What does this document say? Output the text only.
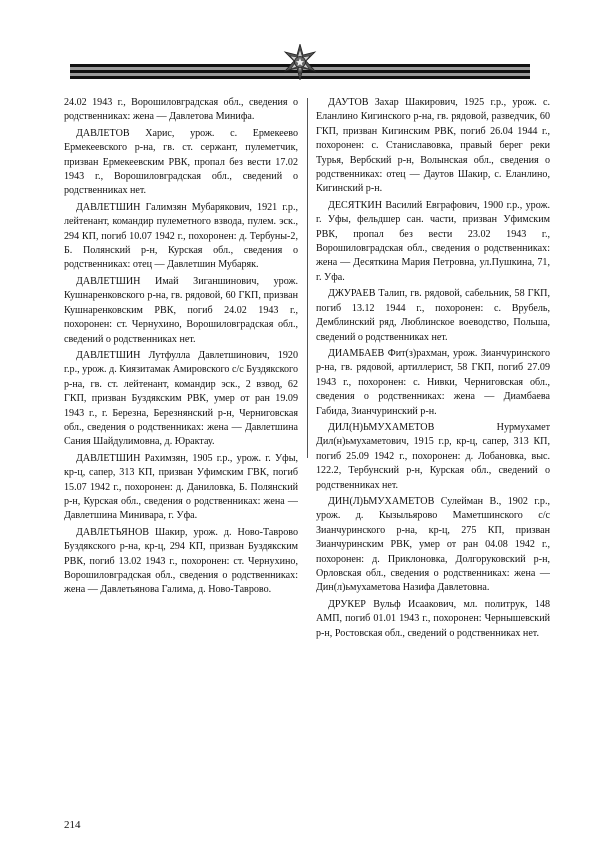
24.02 1943 г., Ворошиловградская обл., сведения о родственниках: жена — Давлетова Минифа.

ДАВЛЕТОВ Харис, урож. с. Ермекеево Ермекеевского р-на, гв. ст. сержант, пулеметчик, призван Ермекеевским РВК, пропал без вести 17.02 1943 г., Ворошиловградская обл., сведений о родственниках нет.

ДАВЛЕТШИН Галимзян Мубарякович, 1921 г.р., лейтенант, командир пулеметного взвода, пулем. эск., 294 КП, погиб 10.07 1942 г., похоронен: д. Тербуны-2, Б. Полянский р-н, Курская обл., сведения о родственниках: отец — Давлетшин Мубаряк.

ДАВЛЕТШИН Имай Зиганшинович, урож. Кушнаренковского р-на, гв. рядовой, 60 ГКП, призван Кушнаренковским РВК, погиб 24.02 1943 г., похоронен: ст. Чернухино, Ворошиловградская обл., сведений о родственниках нет.

ДАВЛЕТШИН Лутфулла Давлетшинович, 1920 г.р., урож. д. Киязитамак Амировского с/с Буздякского р-на, гв. ст. лейтенант, командир эск., 2 взвод, 62 ГКП, призван Буздякским РВК, умер от ран 19.09 1943 г., г. Березна, Березнянский р-н, Черниговская обл., сведения о родственниках: жена — Давлетшина Сания Шайдулимовна, д. Юрактау.

ДАВЛЕТШИН Рахимзян, 1905 г.р., урож. г. Уфы, кр-ц, сапер, 313 КП, призван Уфимским ГВК, погиб 15.07 1942 г., похоронен: д. Даниловка, Б. Полянский р-н, Курская обл., сведения о родственниках: жена — Давлетшина Минивара, г. Уфа.

ДАВЛЕТЬЯНОВ Шакир, урож. д. Ново-Таврово Буздякского р-на, кр-ц, 294 КП, призван Буздякским РВК, погиб 13.02 1943 г., похоронен: ст. Чернухино, Ворошиловградская обл., сведения о родственниках: жена — Давлетьянова Галима, д. Ново-Таврово.

ДАУТОВ Захар Шакирович, 1925 г.р., урож. с. Еланлино Кигинского р-на, гв. рядовой, разведчик, 60 ГКП, призван Кигинским РВК, погиб 26.04 1944 г., похоронен: с. Станиславовка, правый берег реки Турья, Вербский р-н, Волынская обл., сведения о родственниках: отец — Даутов Шакир, с. Еланлино, Кигинский р-н.

ДЕСЯТКИН Василий Евграфович, 1900 г.р., урож. г. Уфы, фельдшер сан. части, призван Уфимским РВК, пропал без вести 23.02 1943 г., Ворошиловградская обл., сведения о родственниках: жена — Десяткина Мария Петровна, ул.Пушкина, 71, г. Уфа.

ДЖУРАЕВ Талип, гв. рядовой, сабельник, 58 ГКП, погиб 13.12 1944 г., похоронен: с. Врубель, Демблинский ряд, Люблинское воеводство, Польша, сведений о родственниках нет.

ДИАМБАЕВ Фит(з)рахман, урож. Зианчуринского р-на, гв. рядовой, артиллерист, 58 ГКП, погиб 27.09 1943 г., похоронен: с. Нивки, Черниговская обл., сведения о родственниках: жена — Диамбаева Габида, Зианчуринский р-н.

ДИЛ(Н)ЬМУХАМЕТОВ Нурмухамет Дил(н)ьмухаметович, 1915 г.р, кр-ц, сапер, 313 КП, погиб 25.09 1942 г., похоронен: д. Лобановка, выс. 122.2, Тербунский р-н, Курская обл., сведений о родственниках нет.

ДИН(Л)ЬМУХАМЕТОВ Сулейман В., 1902 г.р., урож. д. Кызыльярово Маметшинского с/с Зианчуринского р-на, кр-ц, 275 КП, призван Зианчуринским РВК, умер от ран 04.08 1942 г., похоронен: д. Приклоновка, Долгоруковский р-н, Орловская обл., сведения о родственниках: жена — Дин(л)ьмухаметова Назифа Давлетовна.

ДРУКЕР Вульф Исаакович, мл. политрук, 148 АМП, погиб 01.01 1943 г., похоронен: Чернышевский р-н, Ростовская обл., сведений о родственниках нет.

214
